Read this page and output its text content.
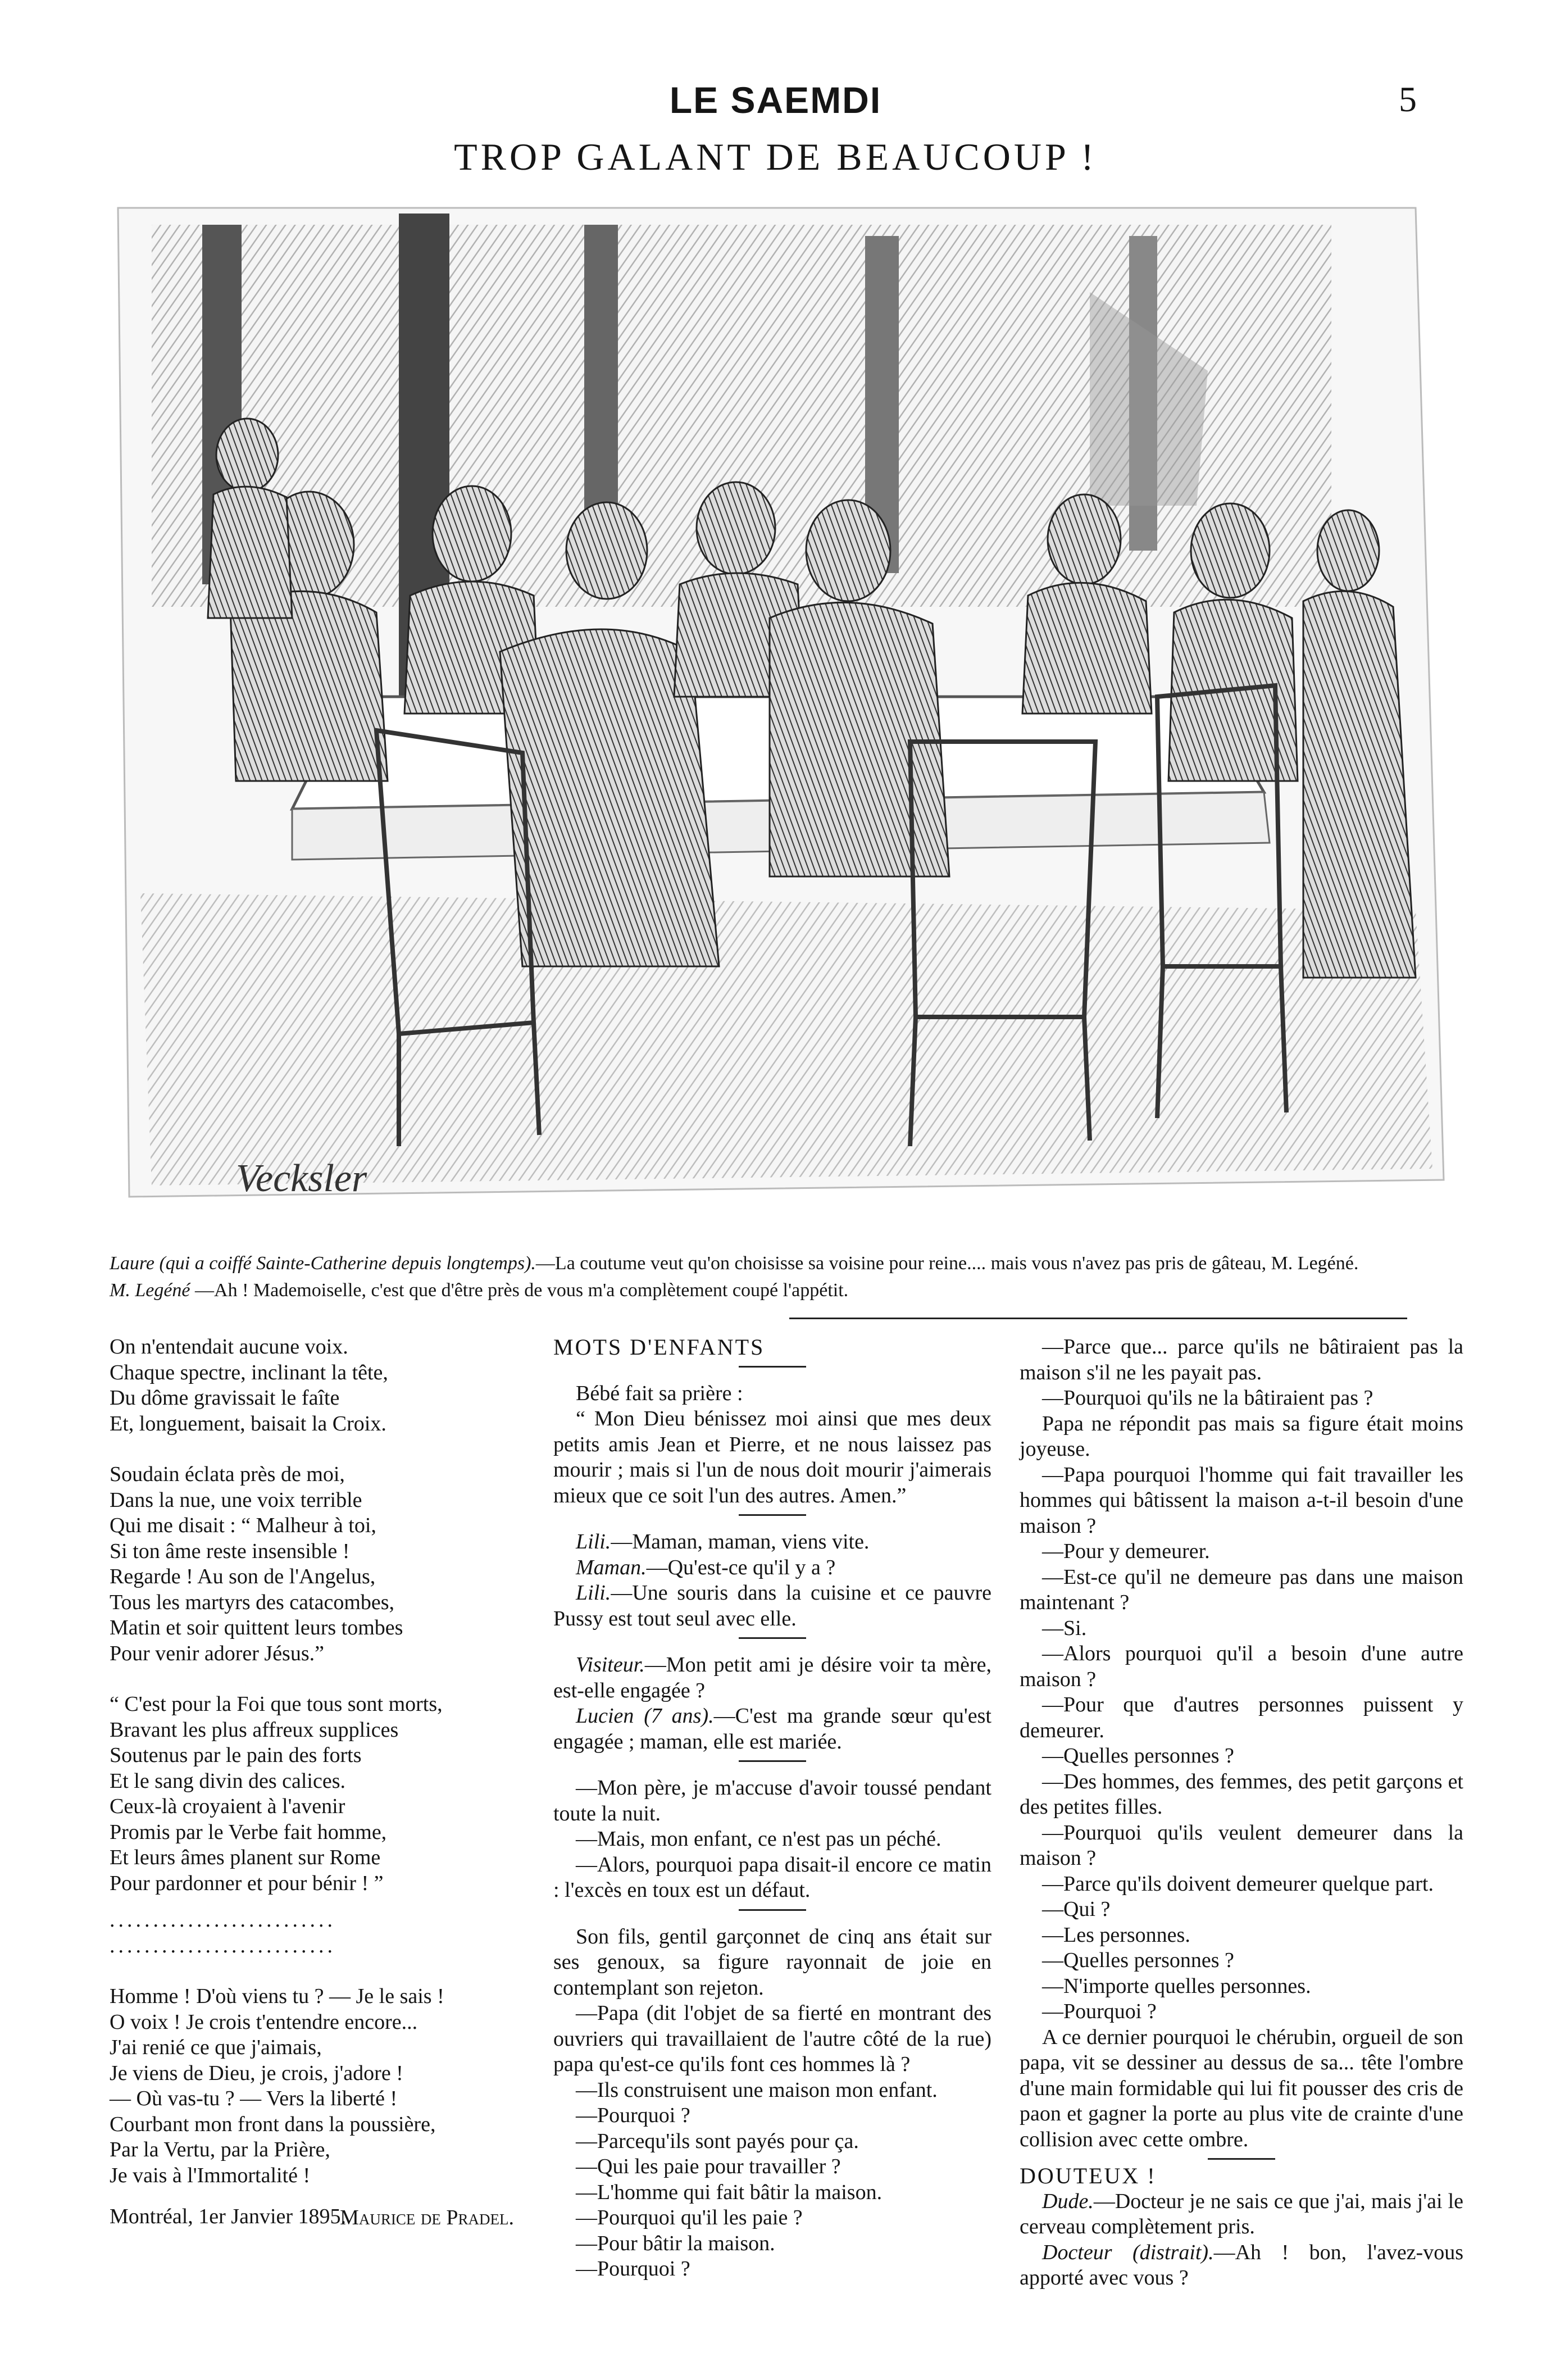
LE SAEMDI	5
TROP GALANT DE BEAUCOUP !
Vecksler
Laure (qui a coiffé Sainte-Catherine depuis longtemps).—La coutume veut qu'on choisisse sa voisine pour reine.... mais vous n'avez pas pris de gâteau, M. Legéné.
M. Legéné —Ah ! Mademoiselle, c'est que d'être près de vous m'a complètement coupé l'appétit.

On n'entendait aucune voix.

Chaque spectre, inclinant la tête,

Du dôme gravissait le faîte

Et, longuement, baisait la Croix.

Soudain éclata près de moi,

Dans la nue, une voix terrible

Qui me disait : “ Malheur à toi,

Si ton âme reste insensible !

Regarde ! Au son de l'Angelus,

Tous les martyrs des catacombes,

Matin et soir quittent leurs tombes

Pour venir adorer Jésus.”

“ C'est pour la Foi que tous sont morts,

Bravant les plus affreux supplices

Soutenus par le pain des forts

Et le sang divin des calices.

Ceux-là croyaient à l'avenir

Promis par le Verbe fait homme,

Et leurs âmes planent sur Rome

Pour pardonner et pour bénir ! ”

..........................

..........................

Homme ! D'où viens tu ? — Je le sais !

O voix ! Je crois t'entendre encore...

J'ai renié ce que j'aimais,

Je viens de Dieu, je crois, j'adore !

— Où vas-tu ? — Vers la liberté !

Courbant mon front dans la poussière,

Par la Vertu, par la Prière,

Je vais à l'Immortalité !

Maurice de Pradel.

Montréal, 1er Janvier 1895.

MOTS D'ENFANTS

Bébé fait sa prière :

“ Mon Dieu bénissez moi ainsi que mes deux petits amis Jean et Pierre, et ne nous laissez pas mourir ; mais si l'un de nous doit mourir j'aimerais mieux que ce soit l'un des autres. Amen.”

Lili.—Maman, maman, viens vite.

Maman.—Qu'est-ce qu'il y a ?

Lili.—Une souris dans la cuisine et ce pauvre Pussy est tout seul avec elle.

Visiteur.—Mon petit ami je désire voir ta mère, est-elle engagée ?

Lucien (7 ans).—C'est ma grande sœur qu'est engagée ; maman, elle est mariée.

—Mon père, je m'accuse d'avoir toussé pendant toute la nuit.

—Mais, mon enfant, ce n'est pas un péché.

—Alors, pourquoi papa disait-il encore ce matin : l'excès en toux est un défaut.

Son fils, gentil garçonnet de cinq ans était sur ses genoux, sa figure rayonnait de joie en contemplant son rejeton.

—Papa (dit l'objet de sa fierté en montrant des ouvriers qui travaillaient de l'autre côté de la rue) papa qu'est-ce qu'ils font ces hommes là ?

—Ils construisent une maison mon enfant.

—Pourquoi ?

—Parcequ'ils sont payés pour ça.

—Qui les paie pour travailler ?

—L'homme qui fait bâtir la maison.

—Pourquoi qu'il les paie ?

—Pour bâtir la maison.

—Pourquoi ?

—Parce que... parce qu'ils ne bâtiraient pas la maison s'il ne les payait pas.

—Pourquoi qu'ils ne la bâtiraient pas ?

Papa ne répondit pas mais sa figure était moins joyeuse.

—Papa pourquoi l'homme qui fait travailler les hommes qui bâtissent la maison a-t-il besoin d'une maison ?

—Pour y demeurer.

—Est-ce qu'il ne demeure pas dans une maison maintenant ?

—Si.

—Alors pourquoi qu'il a besoin d'une autre maison ?

—Pour que d'autres personnes puissent y demeurer.

—Quelles personnes ?

—Des hommes, des femmes, des petit garçons et des petites filles.

—Pourquoi qu'ils veulent demeurer dans la maison ?

—Parce qu'ils doivent demeurer quelque part.

—Qui ?

—Les personnes.

—Quelles personnes ?

—N'importe quelles personnes.

—Pourquoi ?

A ce dernier pourquoi le chérubin, orgueil de son papa, vit se dessiner au dessus de sa... tête l'ombre d'une main formidable qui lui fit pousser des cris de paon et gagner la porte au plus vite de crainte d'une collision avec cette ombre.

DOUTEUX !

Dude.—Docteur je ne sais ce que j'ai, mais j'ai le cerveau complètement pris.

Docteur (distrait).—Ah ! bon, l'avez-vous apporté avec vous ?
